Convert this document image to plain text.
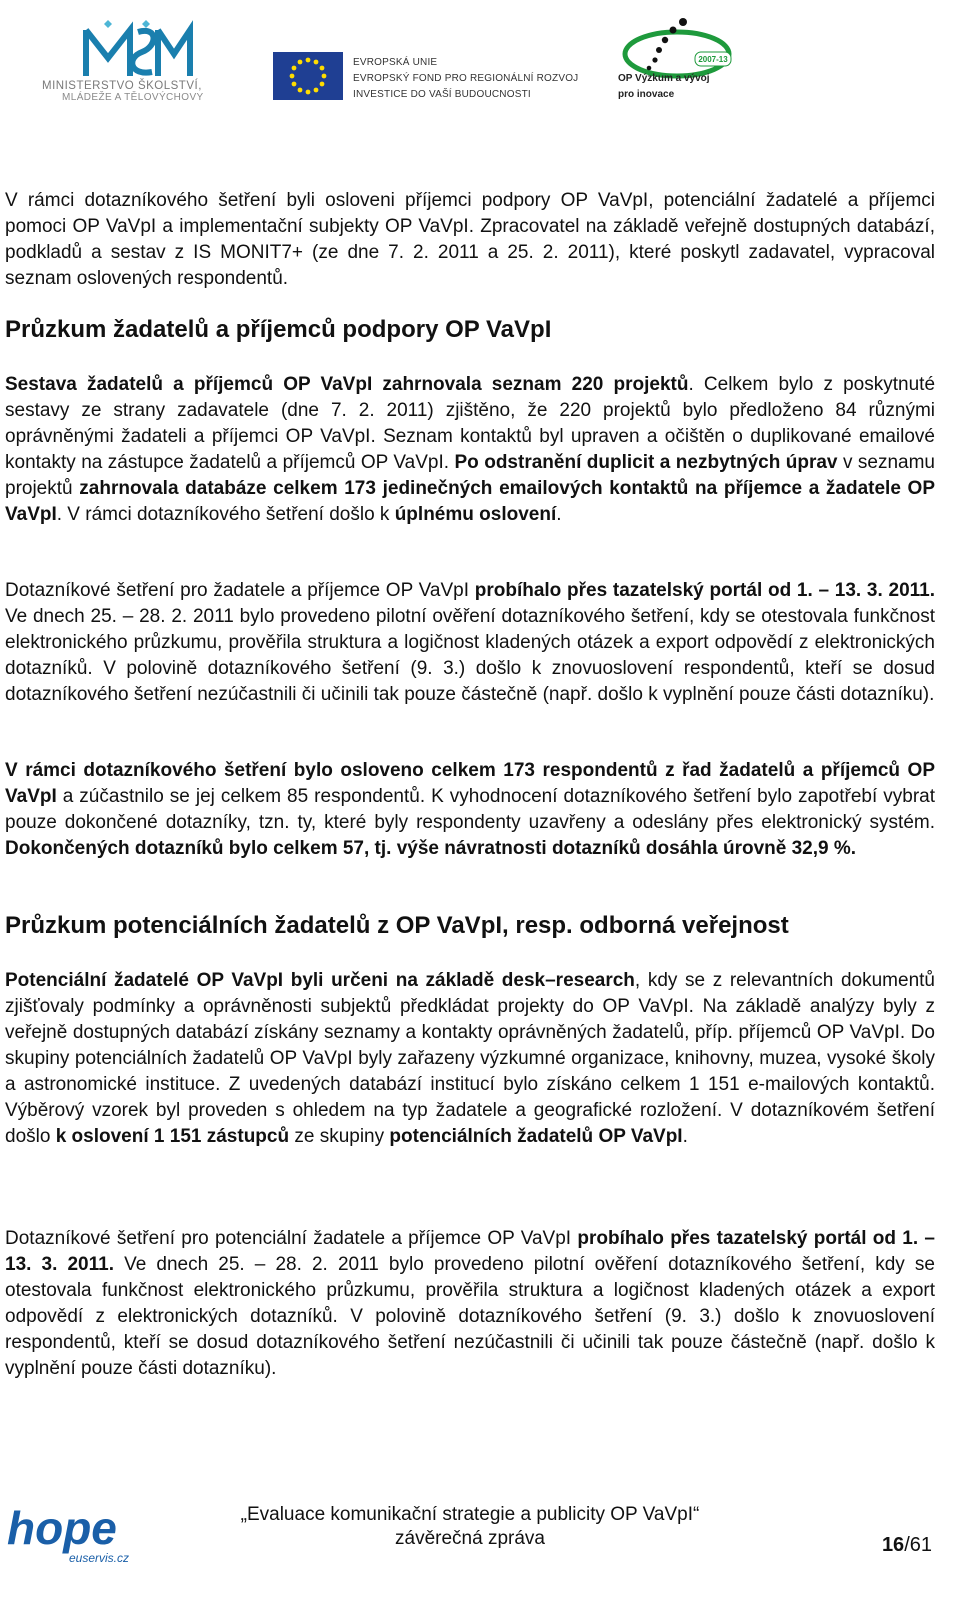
MINISTERSTVO ŠKOLSTVÍ,
MLÁDEŽE A TĚLOVÝCHOVY
EVROPSKÁ UNIE
EVROPSKÝ FOND PRO REGIONÁLNÍ ROZVOJ
INVESTICE DO VAŠÍ BUDOUCNOSTI
2007-13
OP Výzkum a vývoj
pro inovace

V rámci dotazníkového šetření byli osloveni příjemci podpory OP VaVpI, potenciální žadatelé a příjemci pomoci OP VaVpI a implementační subjekty OP VaVpI. Zpracovatel na základě veřejně dostupných databází, podkladů a sestav z IS MONIT7+ (ze dne 7. 2. 2011 a 25. 2. 2011), které poskytl zadavatel, vypracoval seznam oslovených respondentů.

Průzkum žadatelů a příjemců podpory OP VaVpI

Sestava žadatelů a příjemců OP VaVpI zahrnovala seznam 220 projektů. Celkem bylo z poskytnuté sestavy ze strany zadavatele (dne 7. 2. 2011) zjištěno, že 220 projektů bylo předloženo 84 různými oprávněnými žadateli a příjemci OP VaVpI. Seznam kontaktů byl upraven a očištěn o duplikované emailové kontakty na zástupce žadatelů a příjemců OP VaVpI. Po odstranění duplicit a nezbytných úprav v seznamu projektů zahrnovala databáze celkem 173 jedinečných emailových kontaktů na příjemce a žadatele OP VaVpI. V rámci dotazníkového šetření došlo k úplnému oslovení.

Dotazníkové šetření pro žadatele a příjemce OP VaVpI probíhalo přes tazatelský portál od 1. – 13. 3. 2011. Ve dnech 25. – 28. 2. 2011 bylo provedeno pilotní ověření dotazníkového šetření, kdy se otestovala funkčnost elektronického průzkumu, prověřila struktura a logičnost kladených otázek a export odpovědí z elektronických dotazníků. V polovině dotazníkového šetření (9. 3.) došlo k znovuoslovení respondentů, kteří se dosud dotazníkového šetření nezúčastnili či učinili tak pouze částečně (např. došlo k vyplnění pouze části dotazníku).

V rámci dotazníkového šetření bylo osloveno celkem 173 respondentů z řad žadatelů a příjemců OP VaVpI a zúčastnilo se jej celkem 85 respondentů. K vyhodnocení dotazníkového šetření bylo zapotřebí vybrat pouze dokončené dotazníky, tzn. ty, které byly respondenty uzavřeny a odeslány přes elektronický systém. Dokončených dotazníků bylo celkem 57, tj. výše návratnosti dotazníků dosáhla úrovně 32,9 %.

Průzkum potenciálních žadatelů z OP VaVpI, resp. odborná veřejnost

Potenciální žadatelé OP VaVpI byli určeni na základě desk–research, kdy se z relevantních dokumentů zjišťovaly podmínky a oprávněnosti subjektů předkládat projekty do OP VaVpI. Na základě analýzy byly z veřejně dostupných databází získány seznamy a kontakty oprávněných žadatelů, příp. příjemců OP VaVpI. Do skupiny potenciálních žadatelů OP VaVpI byly zařazeny výzkumné organizace, knihovny, muzea, vysoké školy a astronomické instituce. Z uvedených databází institucí bylo získáno celkem 1 151 e-mailových kontaktů. Výběrový vzorek byl proveden s ohledem na typ žadatele a geografické rozložení. V dotazníkovém šetření došlo k oslovení 1 151 zástupců ze skupiny potenciálních žadatelů OP VaVpI.

Dotazníkové šetření pro potenciální žadatele a příjemce OP VaVpI probíhalo přes tazatelský portál od 1. – 13. 3. 2011. Ve dnech 25. – 28. 2. 2011 bylo provedeno pilotní ověření dotazníkového šetření, kdy se otestovala funkčnost elektronického průzkumu, prověřila struktura a logičnost kladených otázek a export odpovědí z elektronických dotazníků. V polovině dotazníkového šetření (9. 3.) došlo k znovuoslovení respondentů, kteří se dosud dotazníkového šetření nezúčastnili či učinili tak pouze částečně (např. došlo k vyplnění pouze části dotazníku).

hope
euservis.cz
„Evaluace komunikační strategie a publicity OP VaVpI“
závěrečná zpráva	16/61
